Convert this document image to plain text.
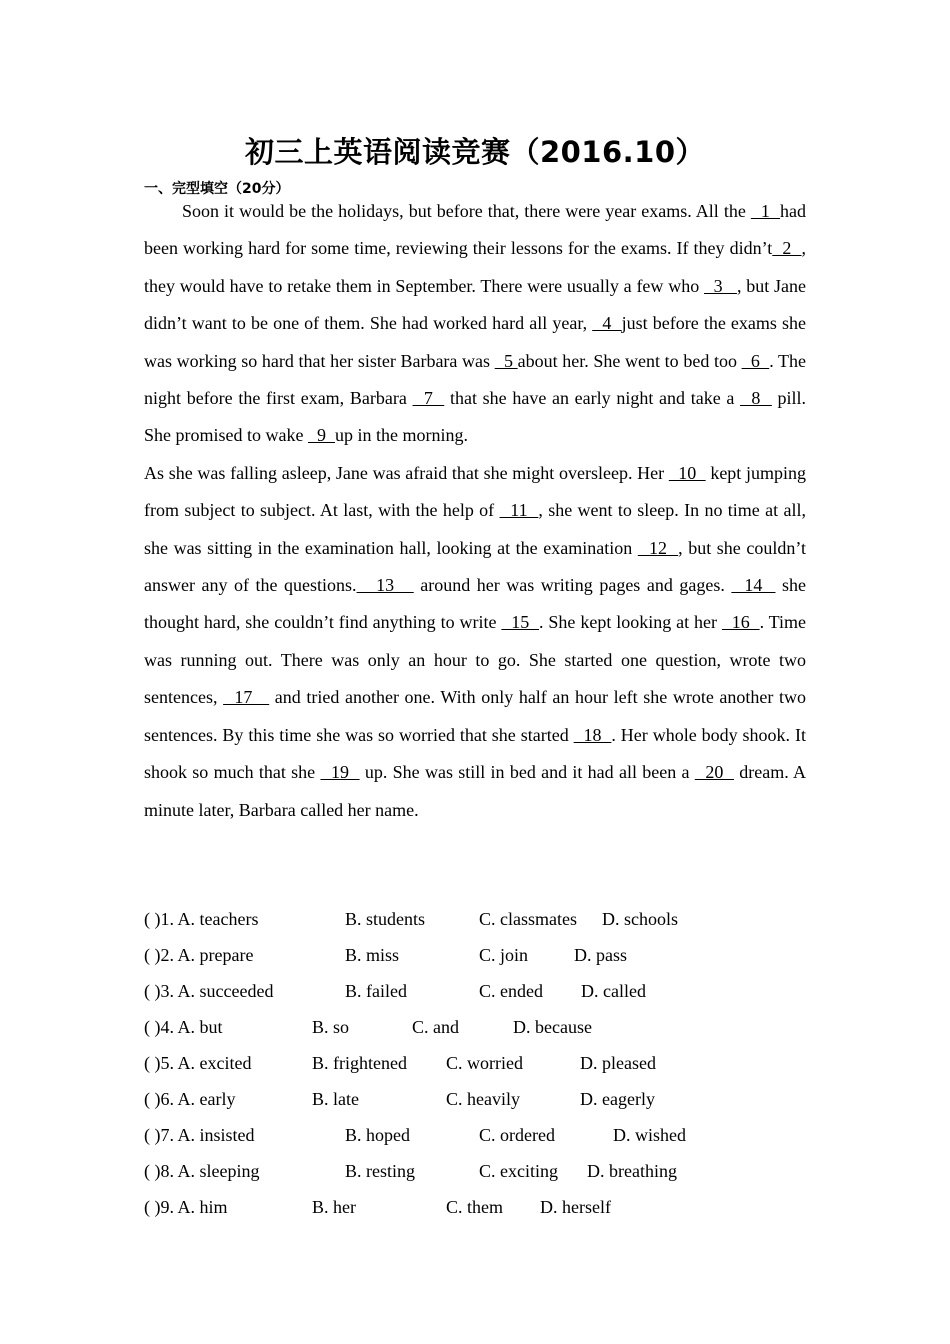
初三上英语阅读竞赛（2016.10）
一、完型填空（20分）

Soon it would be the holidays, but before that, there were year exams. All the   1  had been working hard for some time, reviewing their lessons for the exams. If they didn’t  2  , they would have to retake them in September. There were usually a few who   3   , but Jane didn’t want to be one of them. She had worked hard all year,   4  just before the exams she was working so hard that her sister Barbara was   5 about her. She went to bed too   6  . The night before the first exam, Barbara   7   that she have an early night and take a   8   pill. She promised to wake   9  up in the morning.

As she was falling asleep, Jane was afraid that she might oversleep. Her   10   kept jumping from subject to subject. At last, with the help of   11  , she went to sleep. In no time at all, she was sitting in the examination hall, looking at the examination   12  , but she couldn’t answer any of the questions.   13    around her was writing pages and gages.   14   she thought hard, she couldn’t find anything to write   15  . She kept looking at her   16  . Time was running out. There was only an hour to go. She started one question, wrote two sentences,   17    and tried another one. With only half an hour left she wrote another two sentences. By this time she was so worried that she started   18  . Her whole body shook. It shook so much that she   19   up. She was still in bed and it had all been a   20   dream. A minute later, Barbara called her name.

( )1. A. teachers	B. students	C. classmates D. schools
( )2. A. prepare	B. miss	C. join	D. pass
( )3. A. succeeded	B. failed	C. ended D. called
( )4. A. but	B. so	C. and	D. because
( )5. A. excited	B. frightened C. worried	D. pleased
( )6. A. early	B. late	C. heavily	D. eagerly
( )7. A. insisted	B. hoped	C. ordered	D. wished
( )8. A. sleeping	B. resting	C. exciting D. breathing
( )9. A. him	B. her	C. them D. herself
